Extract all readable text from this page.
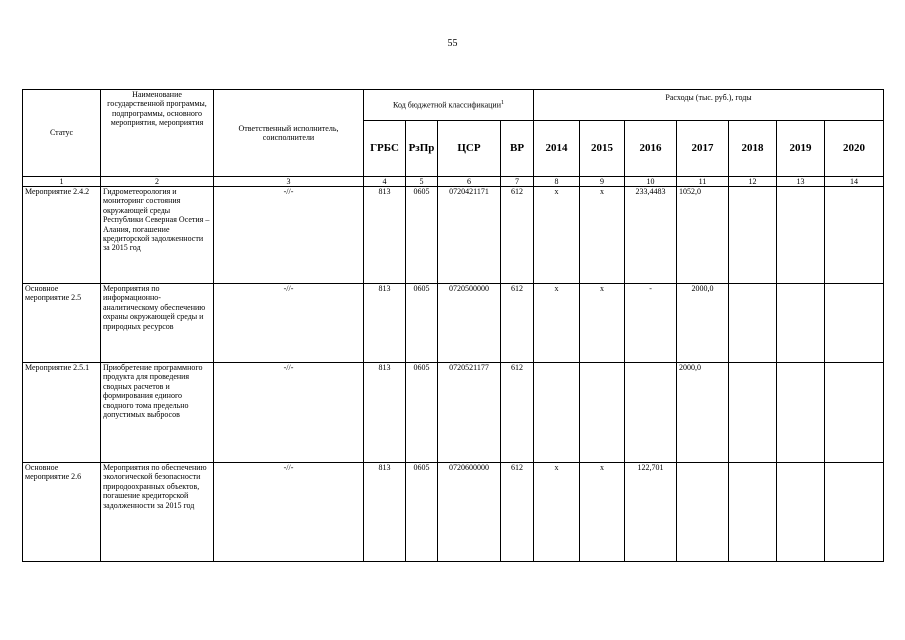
55
Статус	Наименование государственной программы, подпрограммы, основного мероприятия, мероприятия	Ответственный исполнитель, соисполнители	Код бюджетной классификации$^1$				Расходы (тыс. руб.), годы						
			ГРБС	РзПр	ЦСР	ВР	2014	2015	2016	2017	2018	2019	2020
1	2	3	4	5	6	7	8	9	10	11	12	13	14
Мероприятие 2.4.2	Гидрометеорология и мониторинг состояния окружающей среды Республики Северная Осетия – Алания, погашение кредиторской задолженности за 2015 год	-//-	813	0605	0720421171	612	х	х	233,4483	1052,0			
Основное мероприятие 2.5	Мероприятия по информационно-аналитическому обеспечению охраны окружающей среды и природных ресурсов	-//-	813	0605	0720500000	612	х	х	-	2000,0			
Мероприятие 2.5.1	Приобретение программного продукта для проведения сводных расчетов и формирования единого сводного тома предельно допустимых выбросов	-//-	813	0605	0720521177	612				2000,0			
Основное мероприятие 2.6	Мероприятия по обеспечению экологической безопасности природоохранных объектов, погашение кредиторской задолженности за 2015 год	-//-	813	0605	0720600000	612	х	х	122,701				
